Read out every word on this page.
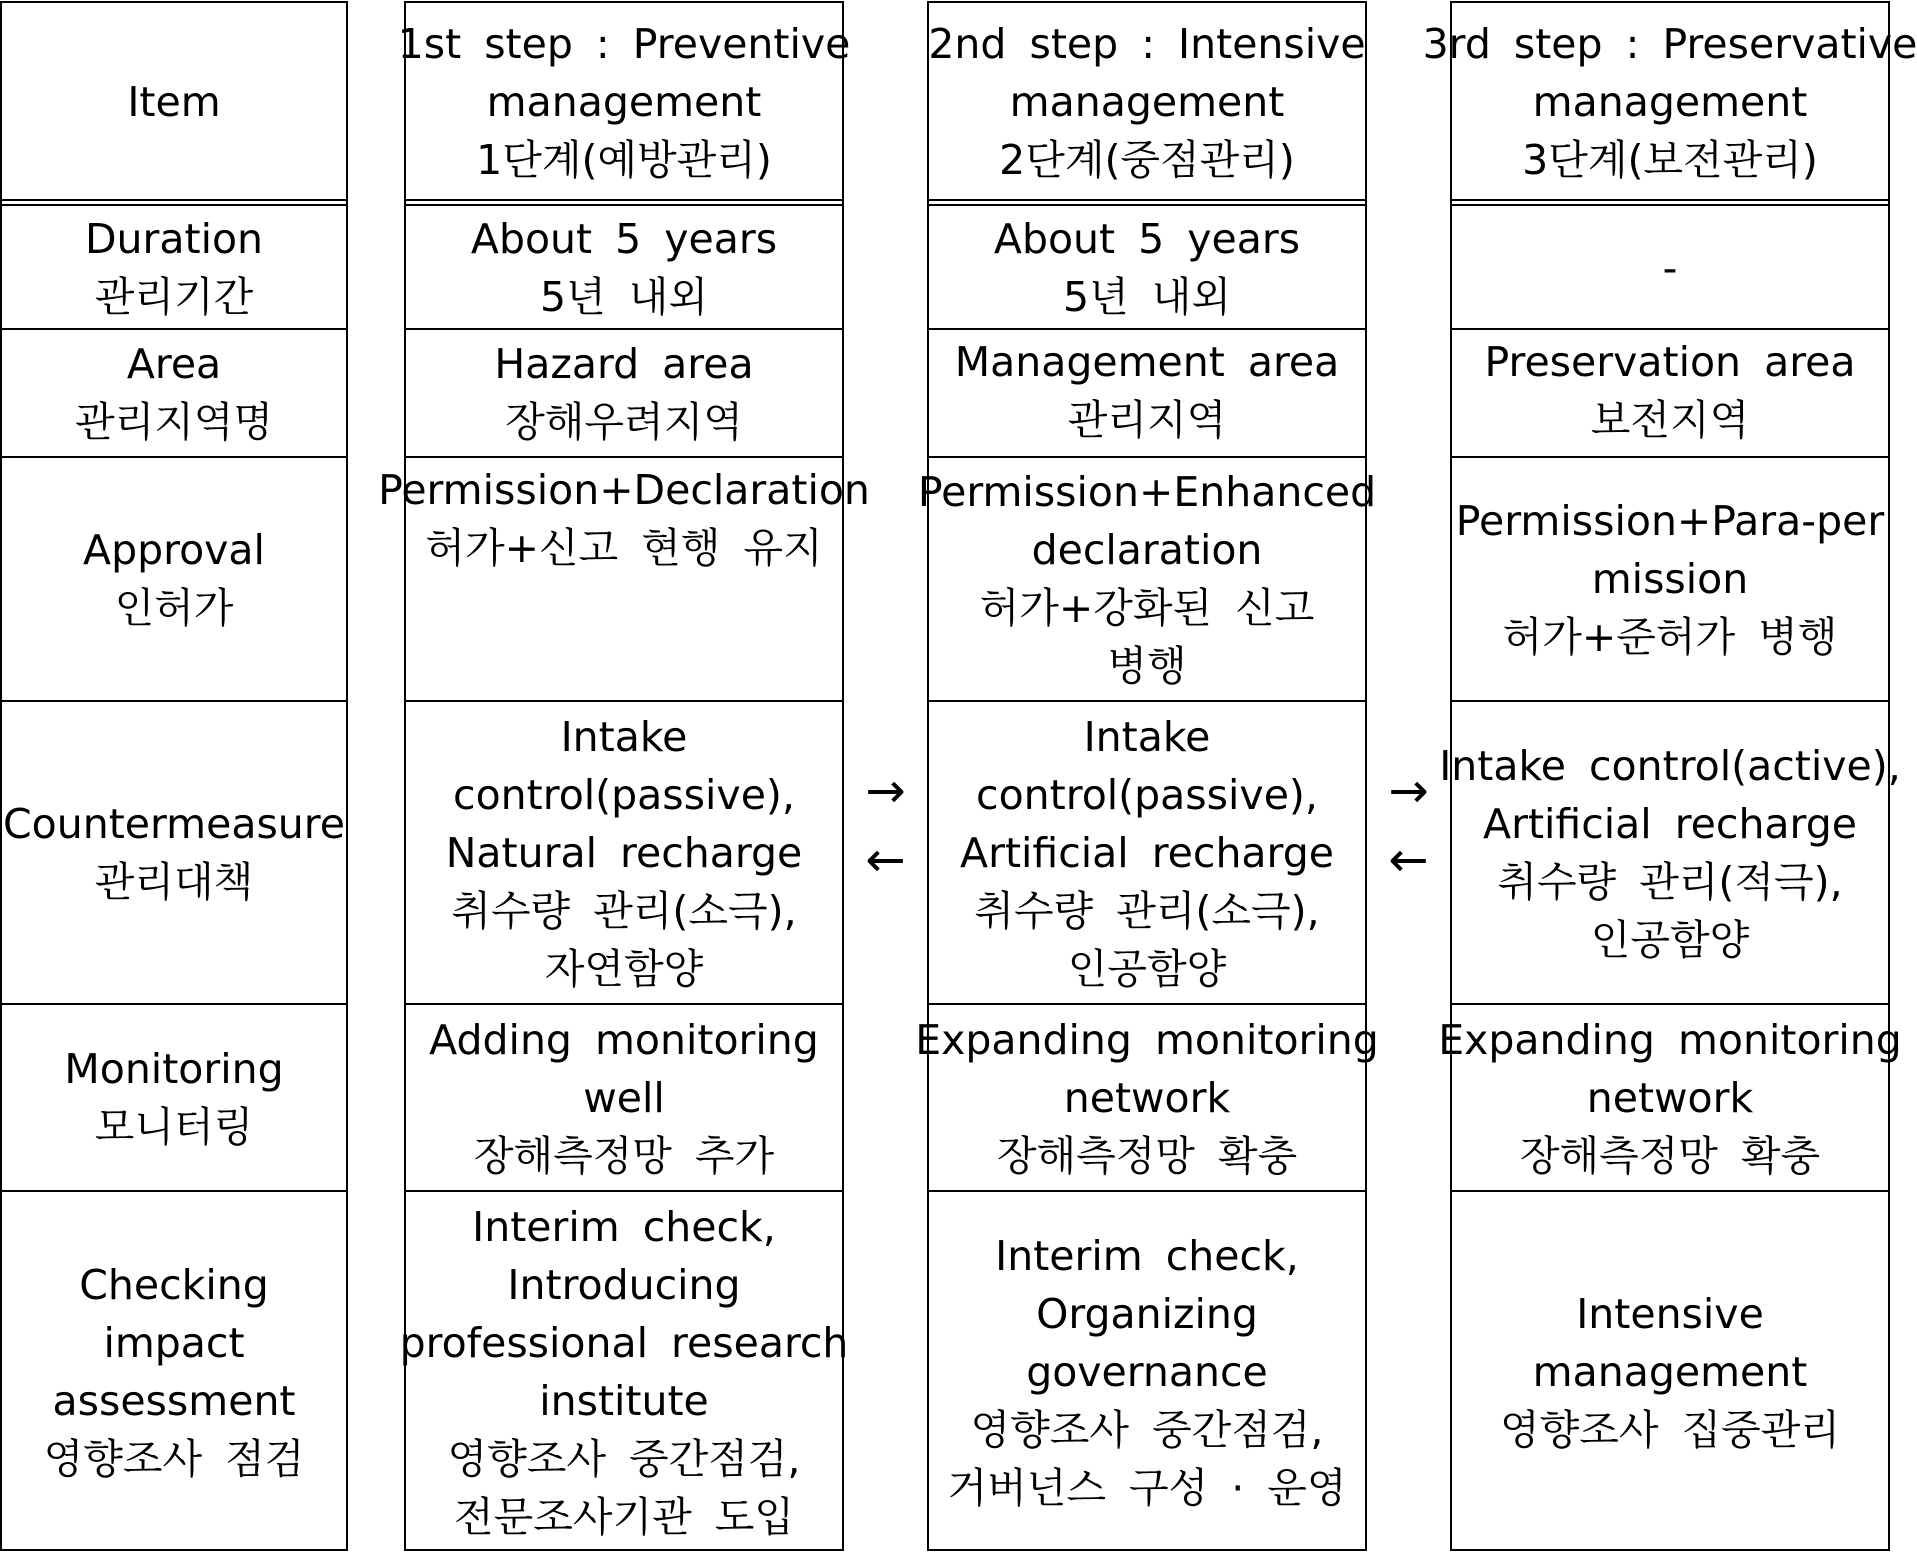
Item
Duration
관리기간
Area
관리지역명
Approval
인허가
Countermeasure
관리대책
Monitoring
모니터링
Checking
impact
assessment
영향조사 점검
1st step : Preventive
management
1단계(예방관리)
About 5 years
5년 내외
Hazard area
장해우려지역
Permission+Declaration
허가+신고 현행 유지
Intake
control(passive),
Natural recharge
취수량 관리(소극),
자연함양
Adding monitoring
well
장해측정망 추가
Interim check,
Introducing
professional research
institute
영향조사 중간점검,
전문조사기관 도입
2nd step : Intensive
management
2단계(중점관리)
About 5 years
5년 내외
Management area
관리지역
Permission+Enhanced
declaration
허가+강화된 신고
병행
Intake
control(passive),
Artificial recharge
취수량 관리(소극),
인공함양
Expanding monitoring
network
장해측정망 확충
Interim check,
Organizing
governance
영향조사 중간점검,
거버넌스 구성 · 운영
3rd step : Preservative
management
3단계(보전관리)
-
Preservation area
보전지역
Permission+Para-per
mission
허가+준허가 병행
Intake control(active),
Artificial recharge
취수량 관리(적극),
인공함양
Expanding monitoring
network
장해측정망 확충
Intensive
management
영향조사 집중관리
→
←
→
←
